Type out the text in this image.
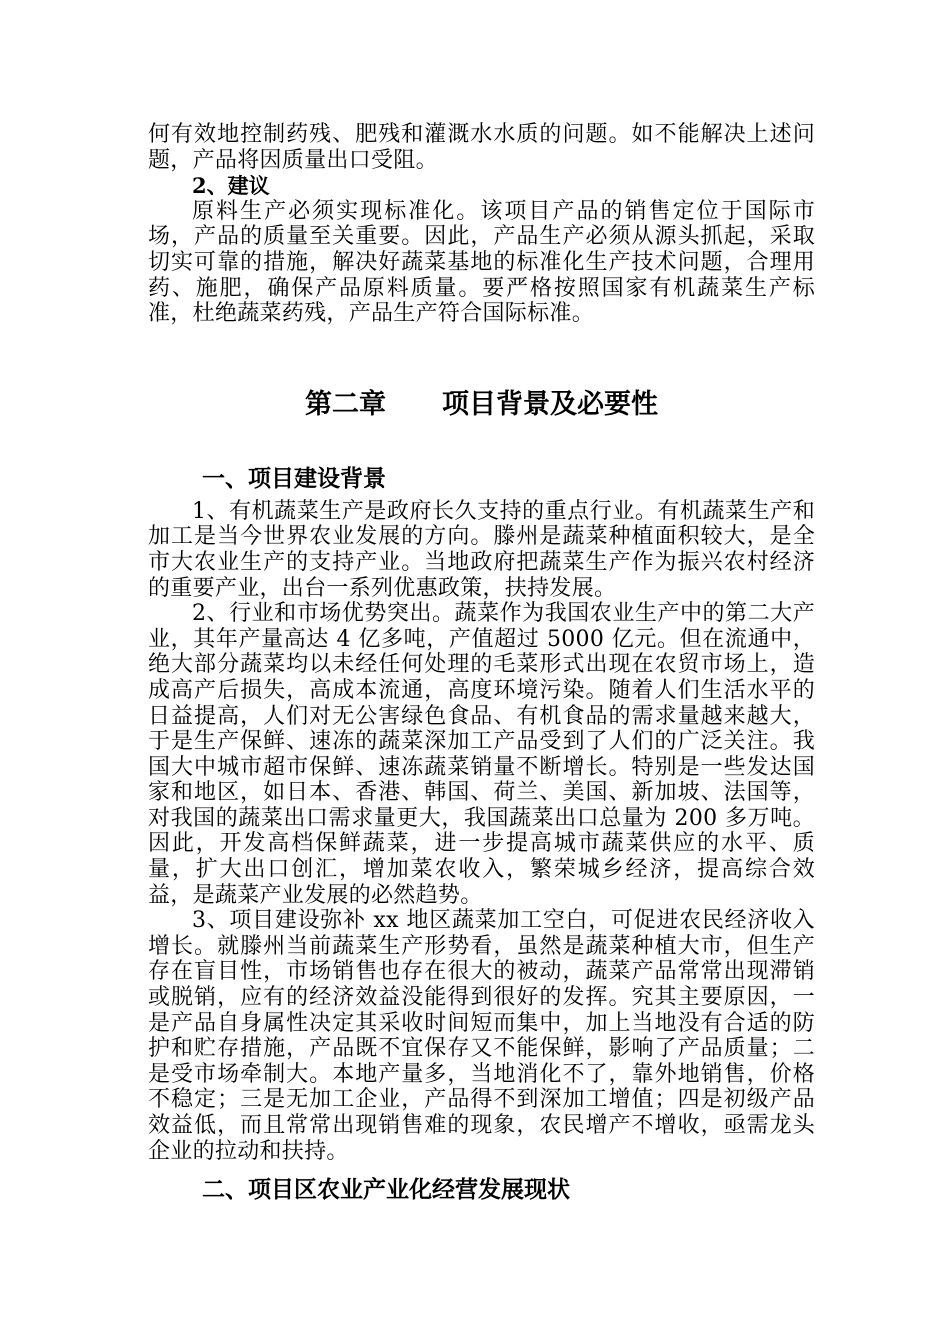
何有效地控制药残、肥残和灌溉水水质的问题。如不能解决上述问题，产品将因质量出口受阻。

2、建议

原料生产必须实现标准化。该项目产品的销售定位于国际市场，产品的质量至关重要。因此，产品生产必须从源头抓起，采取切实可靠的措施，解决好蔬菜基地的标准化生产技术问题，合理用药、施肥，确保产品原料质量。要严格按照国家有机蔬菜生产标准，杜绝蔬菜药残，产品生产符合国际标准。

第二章 项目背景及必要性
一、项目建设背景

1、有机蔬菜生产是政府长久支持的重点行业。有机蔬菜生产和加工是当今世界农业发展的方向。滕州是蔬菜种植面积较大，是全市大农业生产的支持产业。当地政府把蔬菜生产作为振兴农村经济的重要产业，出台一系列优惠政策，扶持发展。

2、行业和市场优势突出。蔬菜作为我国农业生产中的第二大产业，其年产量高达 4 亿多吨，产值超过 5000 亿元。但在流通中，绝大部分蔬菜均以未经任何处理的毛菜形式出现在农贸市场上，造成高产后损失，高成本流通，高度环境污染。随着人们生活水平的日益提高，人们对无公害绿色食品、有机食品的需求量越来越大，于是生产保鲜、速冻的蔬菜深加工产品受到了人们的广泛关注。我国大中城市超市保鲜、速冻蔬菜销量不断增长。特别是一些发达国家和地区，如日本、香港、韩国、荷兰、美国、新加坡、法国等，对我国的蔬菜出口需求量更大，我国蔬菜出口总量为 200 多万吨。因此，开发高档保鲜蔬菜，进一步提高城市蔬菜供应的水平、质量，扩大出口创汇，增加菜农收入，繁荣城乡经济，提高综合效益，是蔬菜产业发展的必然趋势。

3、项目建设弥补 xx 地区蔬菜加工空白，可促进农民经济收入增长。就滕州当前蔬菜生产形势看，虽然是蔬菜种植大市，但生产存在盲目性，市场销售也存在很大的被动，蔬菜产品常常出现滞销或脱销，应有的经济效益没能得到很好的发挥。究其主要原因，一是产品自身属性决定其采收时间短而集中，加上当地没有合适的防护和贮存措施，产品既不宜保存又不能保鲜，影响了产品质量；二是受市场牵制大。本地产量多，当地消化不了，靠外地销售，价格不稳定；三是无加工企业，产品得不到深加工增值；四是初级产品效益低，而且常常出现销售难的现象，农民增产不增收，亟需龙头企业的拉动和扶持。

二、项目区农业产业化经营发展现状
